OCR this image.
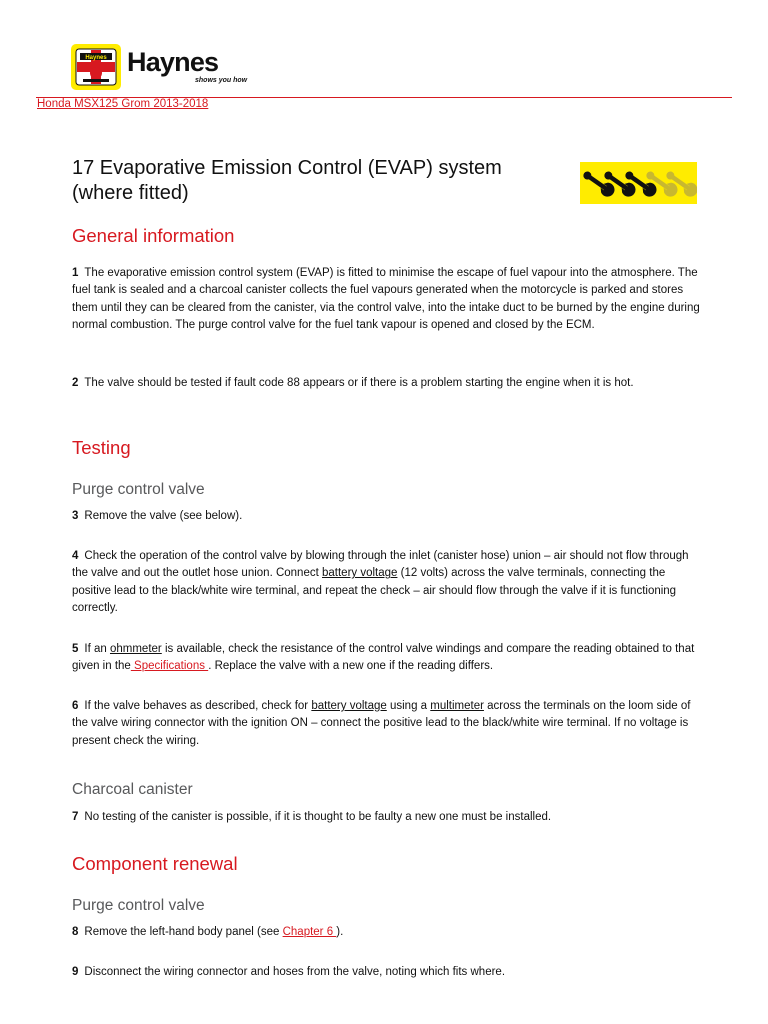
Haynes Haynes
shows you how
Honda MSX125 Grom 2013-2018
17 Evaporative Emission Control (EVAP) system (where fitted)
General information

1 The evaporative emission control system (EVAP) is fitted to minimise the escape of fuel vapour into the atmosphere. The fuel tank is sealed and a charcoal canister collects the fuel vapours generated when the motorcycle is parked and stores them until they can be cleared from the canister, via the control valve, into the intake duct to be burned by the engine during normal combustion. The purge control valve for the fuel tank vapour is opened and closed by the ECM.

2 The valve should be tested if fault code 88 appears or if there is a problem starting the engine when it is hot.

Testing
Purge control valve

3 Remove the valve (see below).

4 Check the operation of the control valve by blowing through the inlet (canister hose) union – air should not flow through the valve and out the outlet hose union. Connect battery voltage (12 volts) across the valve terminals, connecting the positive lead to the black/white wire terminal, and repeat the check – air should flow through the valve if it is functioning correctly.

5 If an ohmmeter is available, check the resistance of the control valve windings and compare the reading obtained to that given in the Specifications . Replace the valve with a new one if the reading differs.

6 If the valve behaves as described, check for battery voltage using a multimeter across the terminals on the loom side of the valve wiring connector with the ignition ON – connect the positive lead to the black/white wire terminal. If no voltage is present check the wiring.

Charcoal canister

7 No testing of the canister is possible, if it is thought to be faulty a new one must be installed.

Component renewal
Purge control valve

8 Remove the left-hand body panel (see Chapter 6 ).

9 Disconnect the wiring connector and hoses from the valve, noting which fits where.
